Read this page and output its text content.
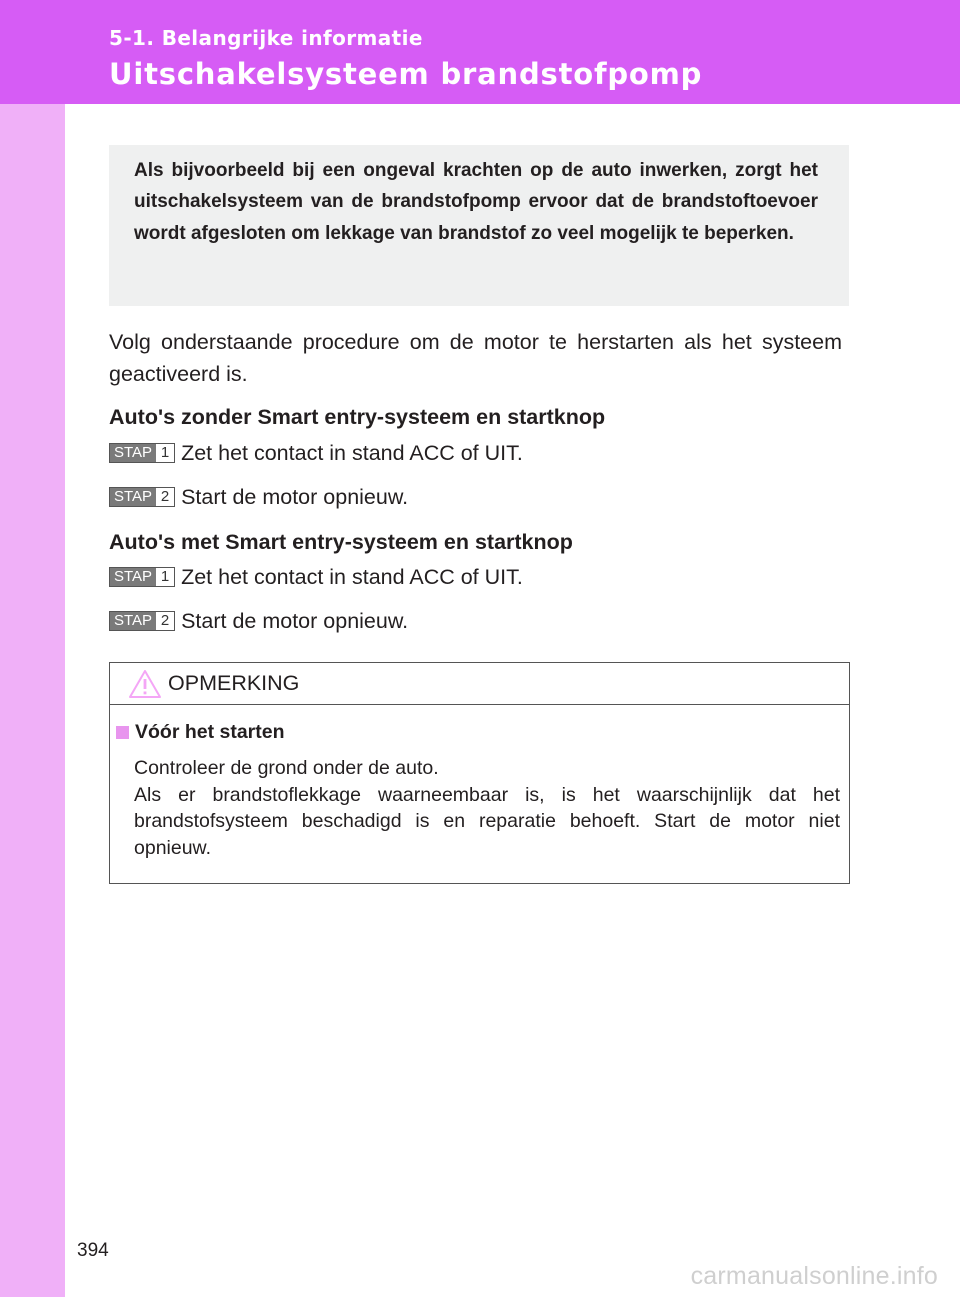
5-1. Belangrijke informatie
Uitschakelsysteem brandstofpomp
Als bijvoorbeeld bij een ongeval krachten op de auto inwerken, zorgt het uitschakelsysteem van de brandstofpomp ervoor dat de brandstoftoevoer wordt afgesloten om lekkage van brandstof zo veel mogelijk te beperken.
Volg onderstaande procedure om de motor te herstarten als het systeem geactiveerd is.
Auto's zonder Smart entry-systeem en startknop
STAP 1 Zet het contact in stand ACC of UIT.
STAP 2 Start de motor opnieuw.
Auto's met Smart entry-systeem en startknop
STAP 1 Zet het contact in stand ACC of UIT.
STAP 2 Start de motor opnieuw.
OPMERKING
Vóór het starten
Controleer de grond onder de auto.
Als er brandstoflekkage waarneembaar is, is het waarschijnlijk dat het brandstofsysteem beschadigd is en reparatie behoeft. Start de motor niet opnieuw.
394
carmanualsonline.info
